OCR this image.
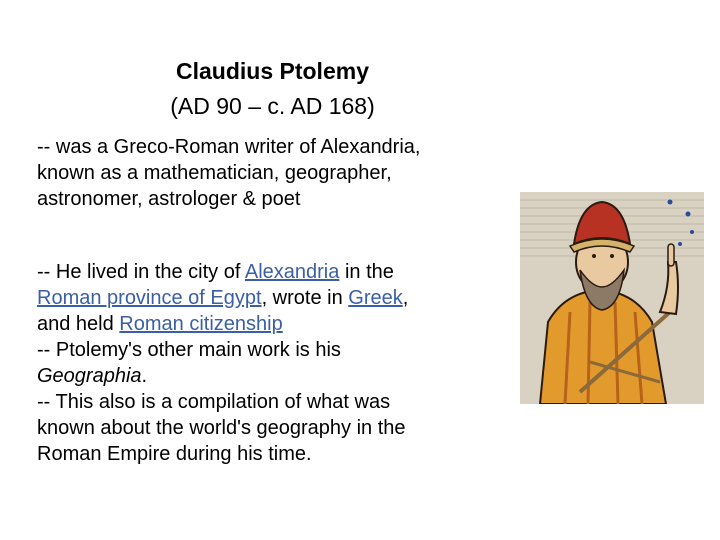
Claudius Ptolemy
(AD 90 – c. AD 168)

-- was a Greco-Roman writer of Alexandria,

known as a mathematician, geographer,

astronomer, astrologer & poet

-- He lived in the city of Alexandria in the

Roman province of Egypt, wrote in Greek,

and held Roman citizenship

-- Ptolemy's other main work is his

Geographia.

-- This also is a compilation of what was

known about the world's geography in the

Roman Empire during his time.
